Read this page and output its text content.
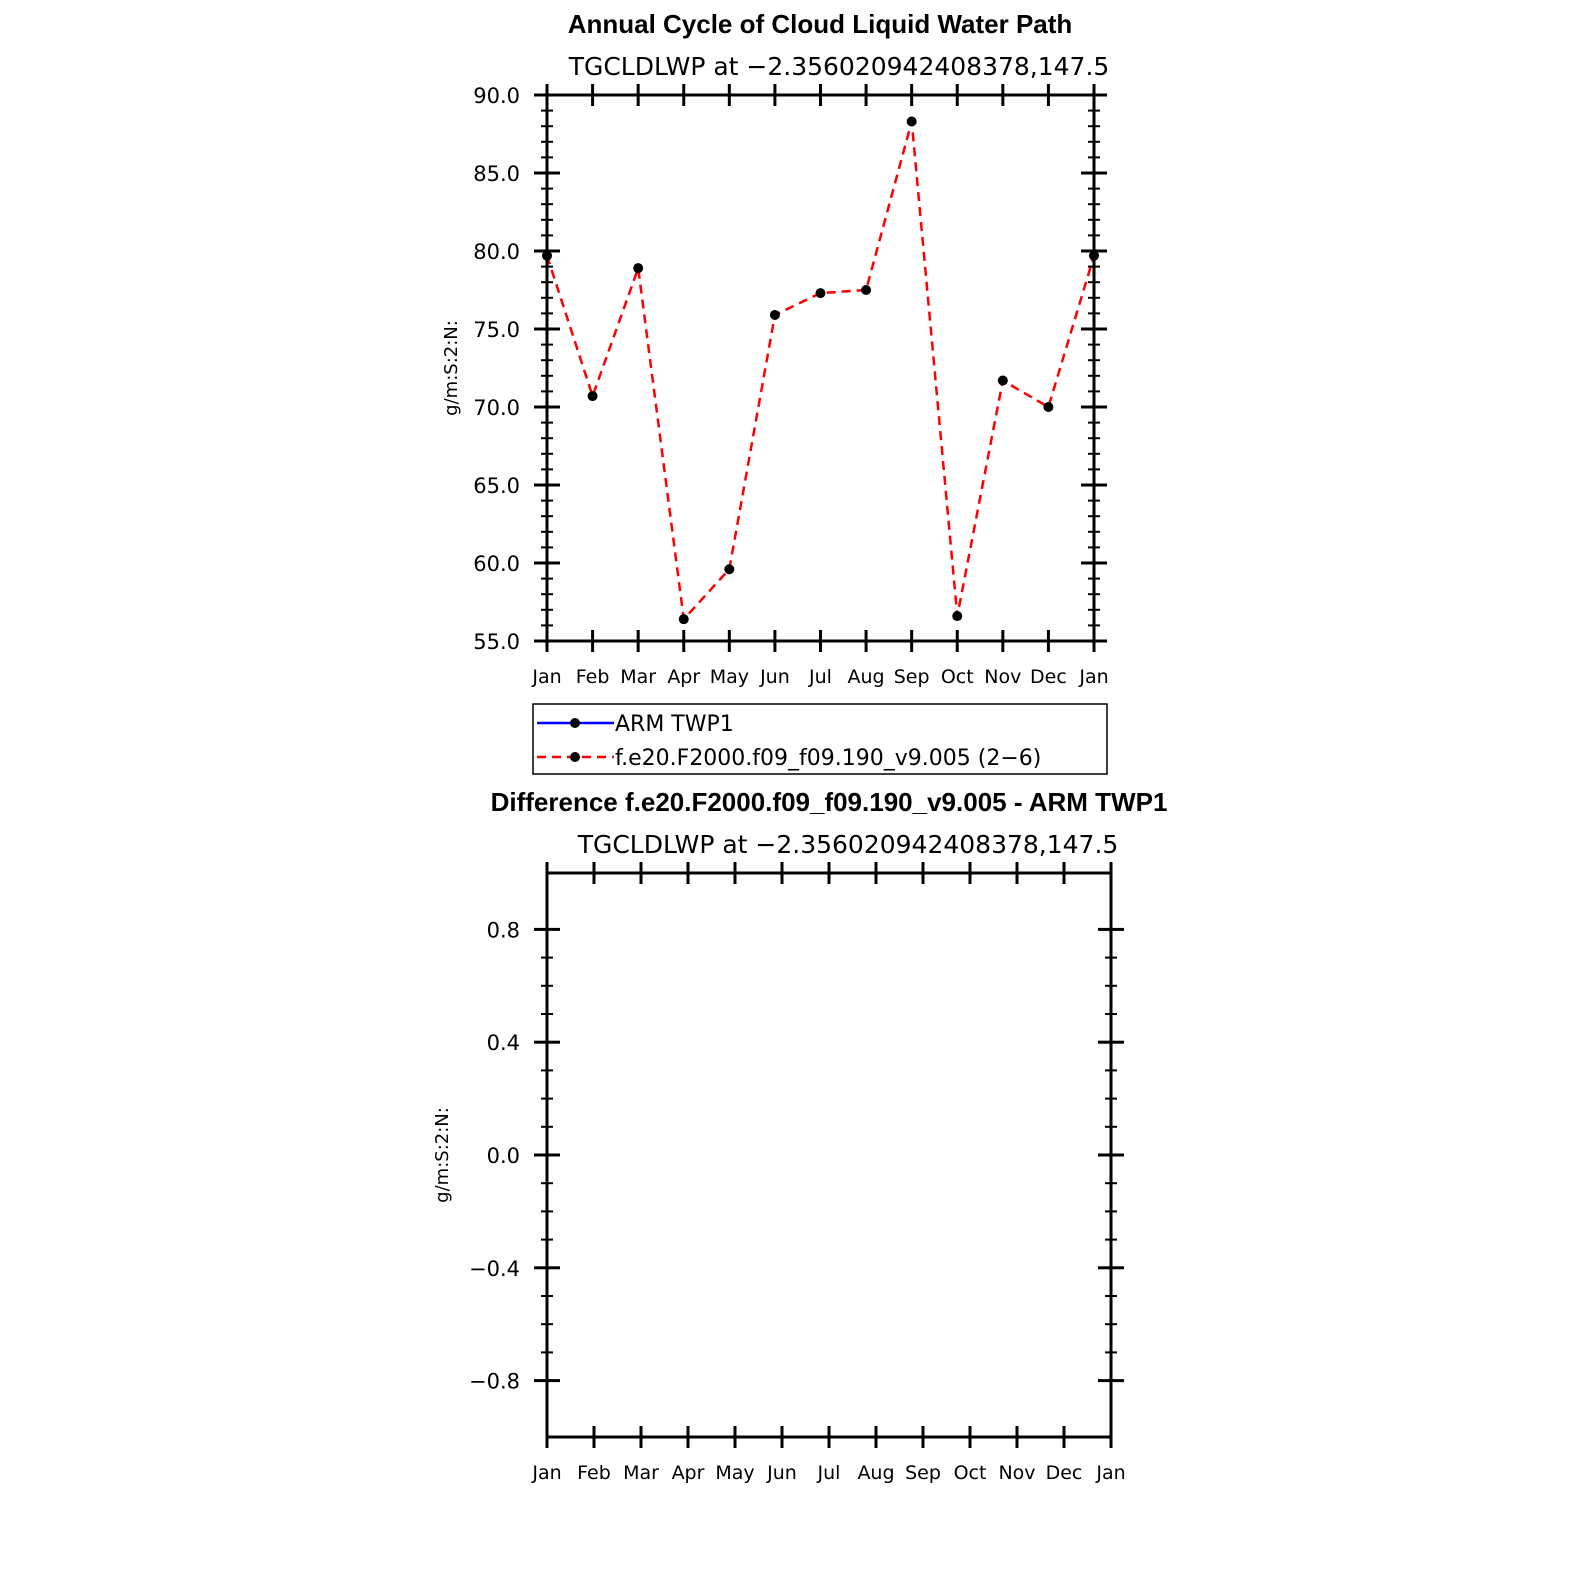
Annual Cycle of Cloud Liquid Water Path
TGCLDLWP at −2.356020942408378,147.5
g/m:S:2:N:
55.0
60.0
65.0
70.0
75.0
80.0
85.0
90.0
Jan Feb Mar Apr May Jun Jul Aug Sep Oct Nov Dec Jan
ARM TWP1
f.e20.F2000.f09_f09.190_v9.005 (2−6)
Difference f.e20.F2000.f09_f09.190_v9.005 - ARM TWP1
TGCLDLWP at −2.356020942408378,147.5
g/m:S:2:N:
−0.8
−0.4
0.0
0.4
0.8
Jan Feb Mar Apr May Jun Jul Aug Sep Oct Nov Dec Jan
